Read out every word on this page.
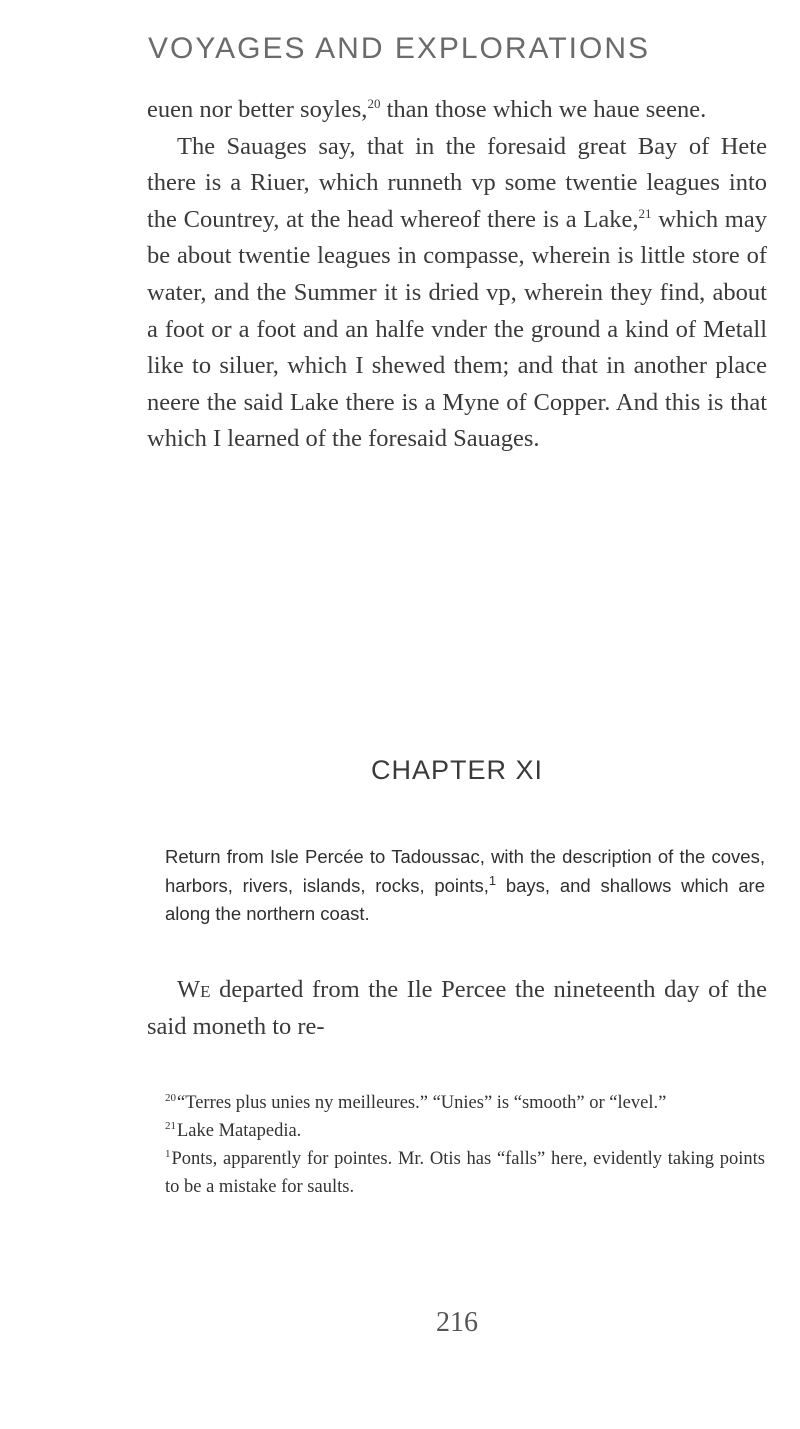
VOYAGES AND EXPLORATIONS

euen nor better soyles,$^{20}$ than those which we haue seene.

The Sauages say, that in the foresaid great Bay of Hete there is a Riuer, which runneth vp some twentie leagues into the Countrey, at the head whereof there is a Lake,$^{21}$ which may be about twentie leagues in compasse, wherein is little store of water, and the Summer it is dried vp, wherein they find, about a foot or a foot and an halfe vnder the ground a kind of Metall like to siluer, which I shewed them; and that in another place neere the said Lake there is a Myne of Copper. And this is that which I learned of the foresaid Sauages.

CHAPTER XI

Return from Isle Percée to Tadoussac, with the description of the coves, harbors, rivers, islands, rocks, points,$^1$ bays, and shallows which are along the northern coast.

We departed from the Ile Percee the nineteenth day of the said moneth to re-

$^{20}$“Terres plus unies ny meilleures.” “Unies” is “smooth” or “level.”

$^{21}$Lake Matapedia.

$^1$Ponts, apparently for pointes. Mr. Otis has “falls” here, evidently taking points to be a mistake for saults.

216
